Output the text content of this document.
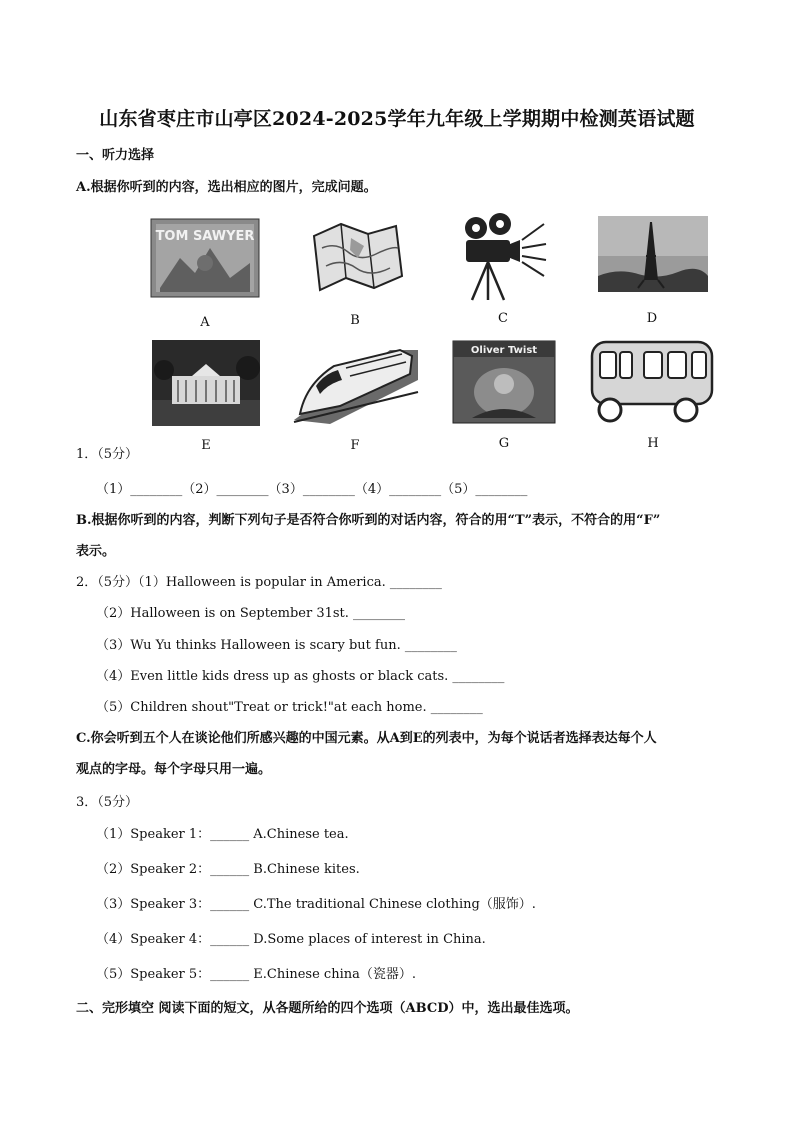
山东省枣庄市山亭区2024-2025学年九年级上学期期中检测英语试题
一、听力选择
A.根据你听到的内容，选出相应的图片，完成问题。
TOM SAWYER
A	B	C	D
Oliver Twist
E	F	G	H
1．（5分）
（1）________（2）________（3）________（4）________（5）________
B.根据你听到的内容，判断下列句子是否符合你听到的对话内容，符合的用“T”表示，不符合的用“F”
表示。
2．（5分）（1）Halloween is popular in America. ________
（2）Halloween is on September 31st. ________
（3）Wu Yu thinks Halloween is scary but fun. ________
（4）Even little kids dress up as ghosts or black cats. ________
（5）Children shout"Treat or trick!"at each home. ________
C.你会听到五个人在谈论他们所感兴趣的中国元素。从A到E的列表中，为每个说话者选择表达每个人
观点的字母。每个字母只用一遍。
3．（5分）
（1）Speaker 1：______ A.Chinese tea.
（2）Speaker 2：______ B.Chinese kites.
（3）Speaker 3：______ C.The traditional Chinese clothing（服饰）.
（4）Speaker 4：______ D.Some places of interest in China.
（5）Speaker 5：______ E.Chinese china（瓷器）.
二、完形填空 阅读下面的短文，从各题所给的四个选项（ABCD）中，选出最佳选项。
